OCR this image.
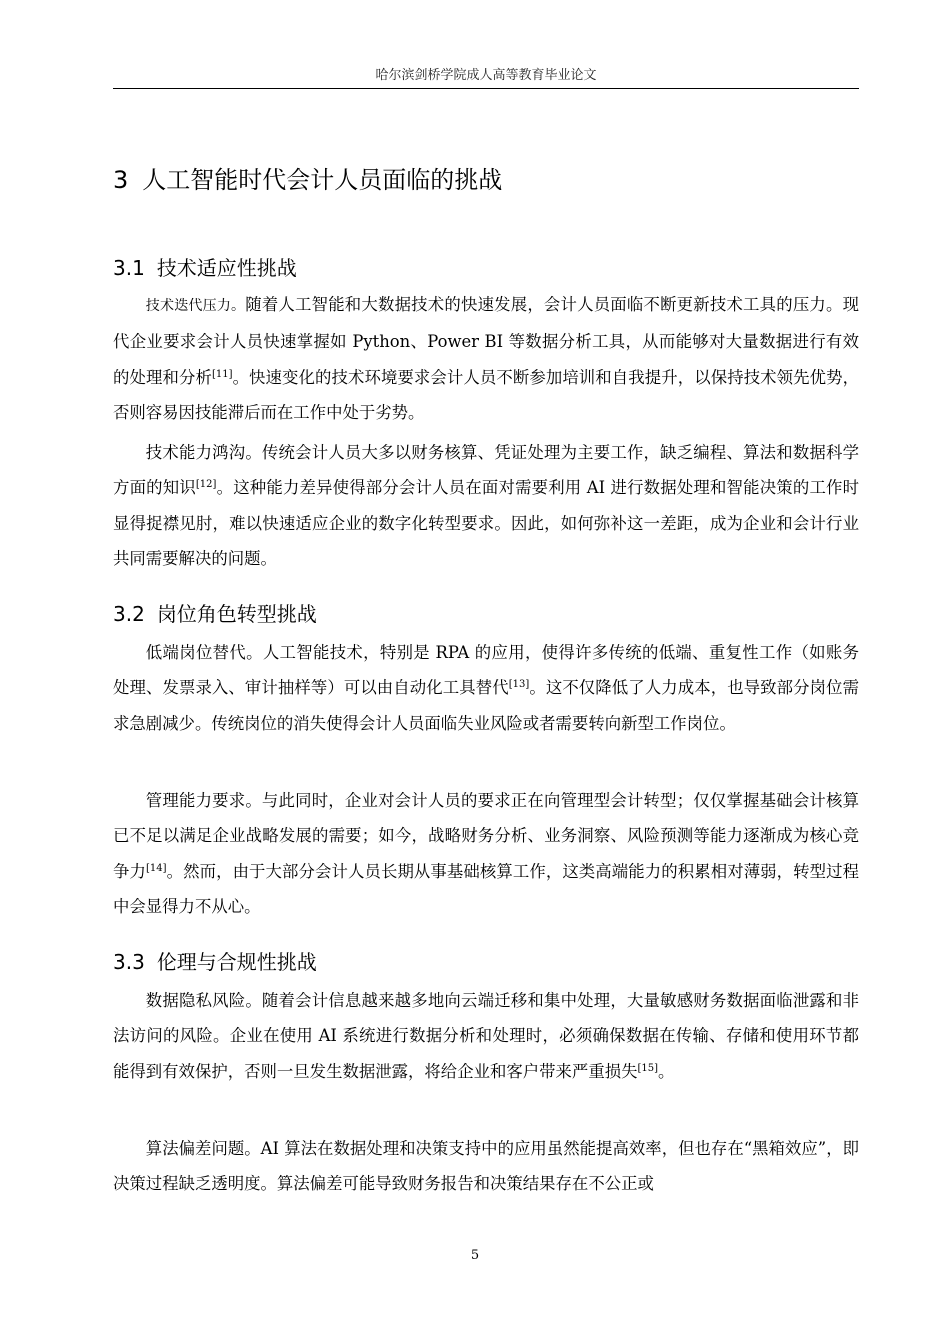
哈尔滨剑桥学院成人高等教育毕业论文
3 人工智能时代会计人员面临的挑战
3.1 技术适应性挑战

技术迭代压力。随着人工智能和大数据技术的快速发展，会计人员面临不断更新技术工具的压力。现代企业要求会计人员快速掌握如 Python、Power BI 等数据分析工具，从而能够对大量数据进行有效的处理和分析[11]。快速变化的技术环境要求会计人员不断参加培训和自我提升，以保持技术领先优势，否则容易因技能滞后而在工作中处于劣势。

技术能力鸿沟。传统会计人员大多以财务核算、凭证处理为主要工作，缺乏编程、算法和数据科学方面的知识[12]。这种能力差异使得部分会计人员在面对需要利用 AI 进行数据处理和智能决策的工作时显得捉襟见肘，难以快速适应企业的数字化转型要求。因此，如何弥补这一差距，成为企业和会计行业共同需要解决的问题。

3.2 岗位角色转型挑战

低端岗位替代。人工智能技术，特别是 RPA 的应用，使得许多传统的低端、重复性工作（如账务处理、发票录入、审计抽样等）可以由自动化工具替代[13]。这不仅降低了人力成本，也导致部分岗位需求急剧减少。传统岗位的消失使得会计人员面临失业风险或者需要转向新型工作岗位。

管理能力要求。与此同时，企业对会计人员的要求正在向管理型会计转型；仅仅掌握基础会计核算已不足以满足企业战略发展的需要；如今，战略财务分析、业务洞察、风险预测等能力逐渐成为核心竞争力[14]。然而，由于大部分会计人员长期从事基础核算工作，这类高端能力的积累相对薄弱，转型过程中会显得力不从心。

3.3 伦理与合规性挑战

数据隐私风险。随着会计信息越来越多地向云端迁移和集中处理，大量敏感财务数据面临泄露和非法访问的风险。企业在使用 AI 系统进行数据分析和处理时，必须确保数据在传输、存储和使用环节都能得到有效保护，否则一旦发生数据泄露，将给企业和客户带来严重损失[15]。

算法偏差问题。AI 算法在数据处理和决策支持中的应用虽然能提高效率，但也存在“黑箱效应”，即决策过程缺乏透明度。算法偏差可能导致财务报告和决策结果存在不公正或

5
